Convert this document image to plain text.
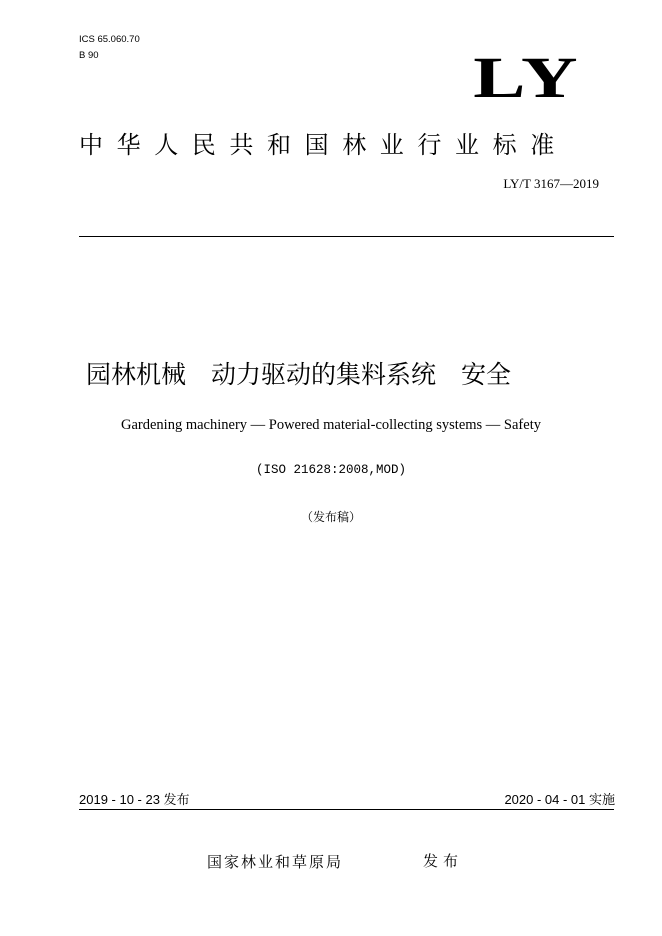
ICS 65.060.70
B 90	LY
中华人民共和国林业行业标准
LY/T 3167—2019
园林机械　动力驱动的集料系统　安全
Gardening machinery — Powered material-collecting systems — Safety
(ISO 21628:2008,MOD)
（发布稿）
2019 - 10 - 23 发布	2020 - 04 - 01 实施
国家林业和草原局	发布
